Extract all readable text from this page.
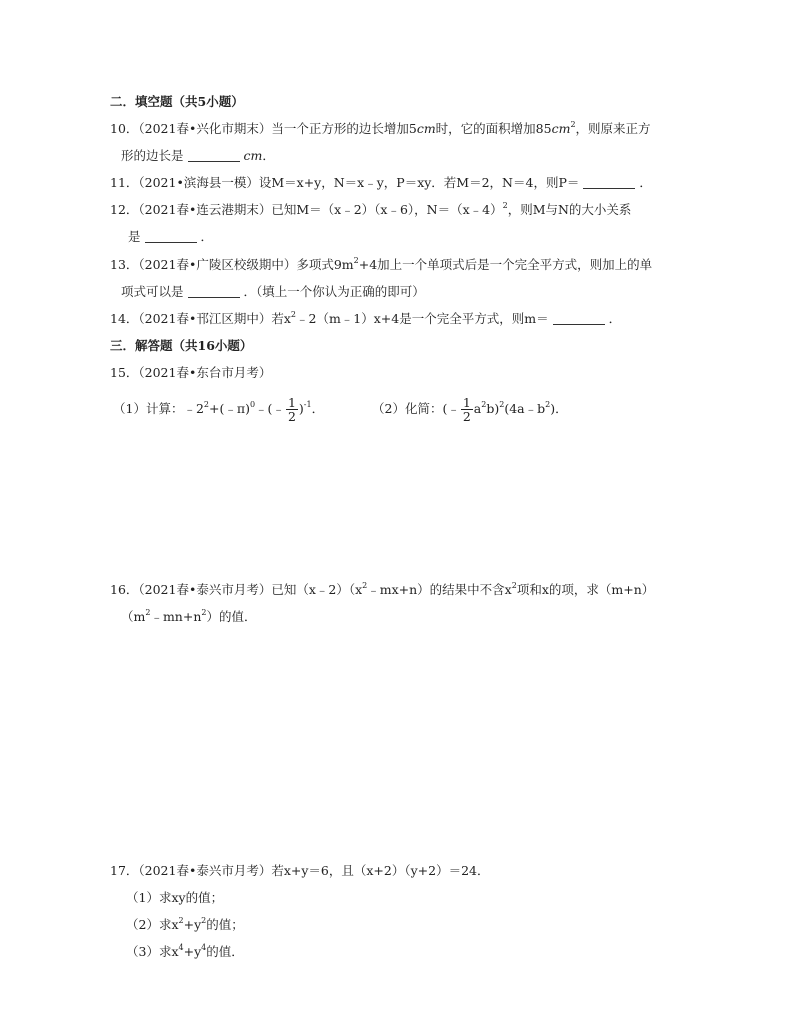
二．填空题（共5小题）
10．（2021春•兴化市期末）当一个正方形的边长增加5cm时，它的面积增加$85cm^2$，则原来正方
形的边长是	cm．
11．（2021•滨海县一模）设M＝x+y，N＝x﹣y，P＝xy．若M＝2，N＝4，则P＝	．
12．（2021春•连云港期末）已知M＝（x﹣2）（x﹣6），N＝（x﹣4）$^2$，则M与N的大小关系
是	．
13．（2021春•广陵区校级期中）多项式$9m^2+4$加上一个单项式后是一个完全平方式，则加上的单
项式可以是	．（填上一个你认为正确的即可）
14．（2021春•邗江区期中）若$x^2﹣2(m﹣1)x+4$是一个完全平方式，则m＝	．
三．解答题（共16小题）
15．（2021春•东台市月考）
（1）计算：$﹣2^2+(﹣\pi)^0﹣(﹣ \frac{1}{2} )^{-1}$．	（2）化简：(﹣ $\frac{1}{2}$ $a^2b)^2(4a﹣b^2)$．
16．（2021春•泰兴市月考）已知$(x﹣2)(x^2﹣mx+n)$的结果中不含$x^2$项和x的项，求（m+n）
$(m^2﹣mn+n^2)$的值．
17．（2021春•泰兴市月考）若x+y＝6，且（x+2）（y+2）＝24．
（1）求xy的值；
（2）求$x^2+y^2$的值；
（3）求$x^4+y^4$的值．
